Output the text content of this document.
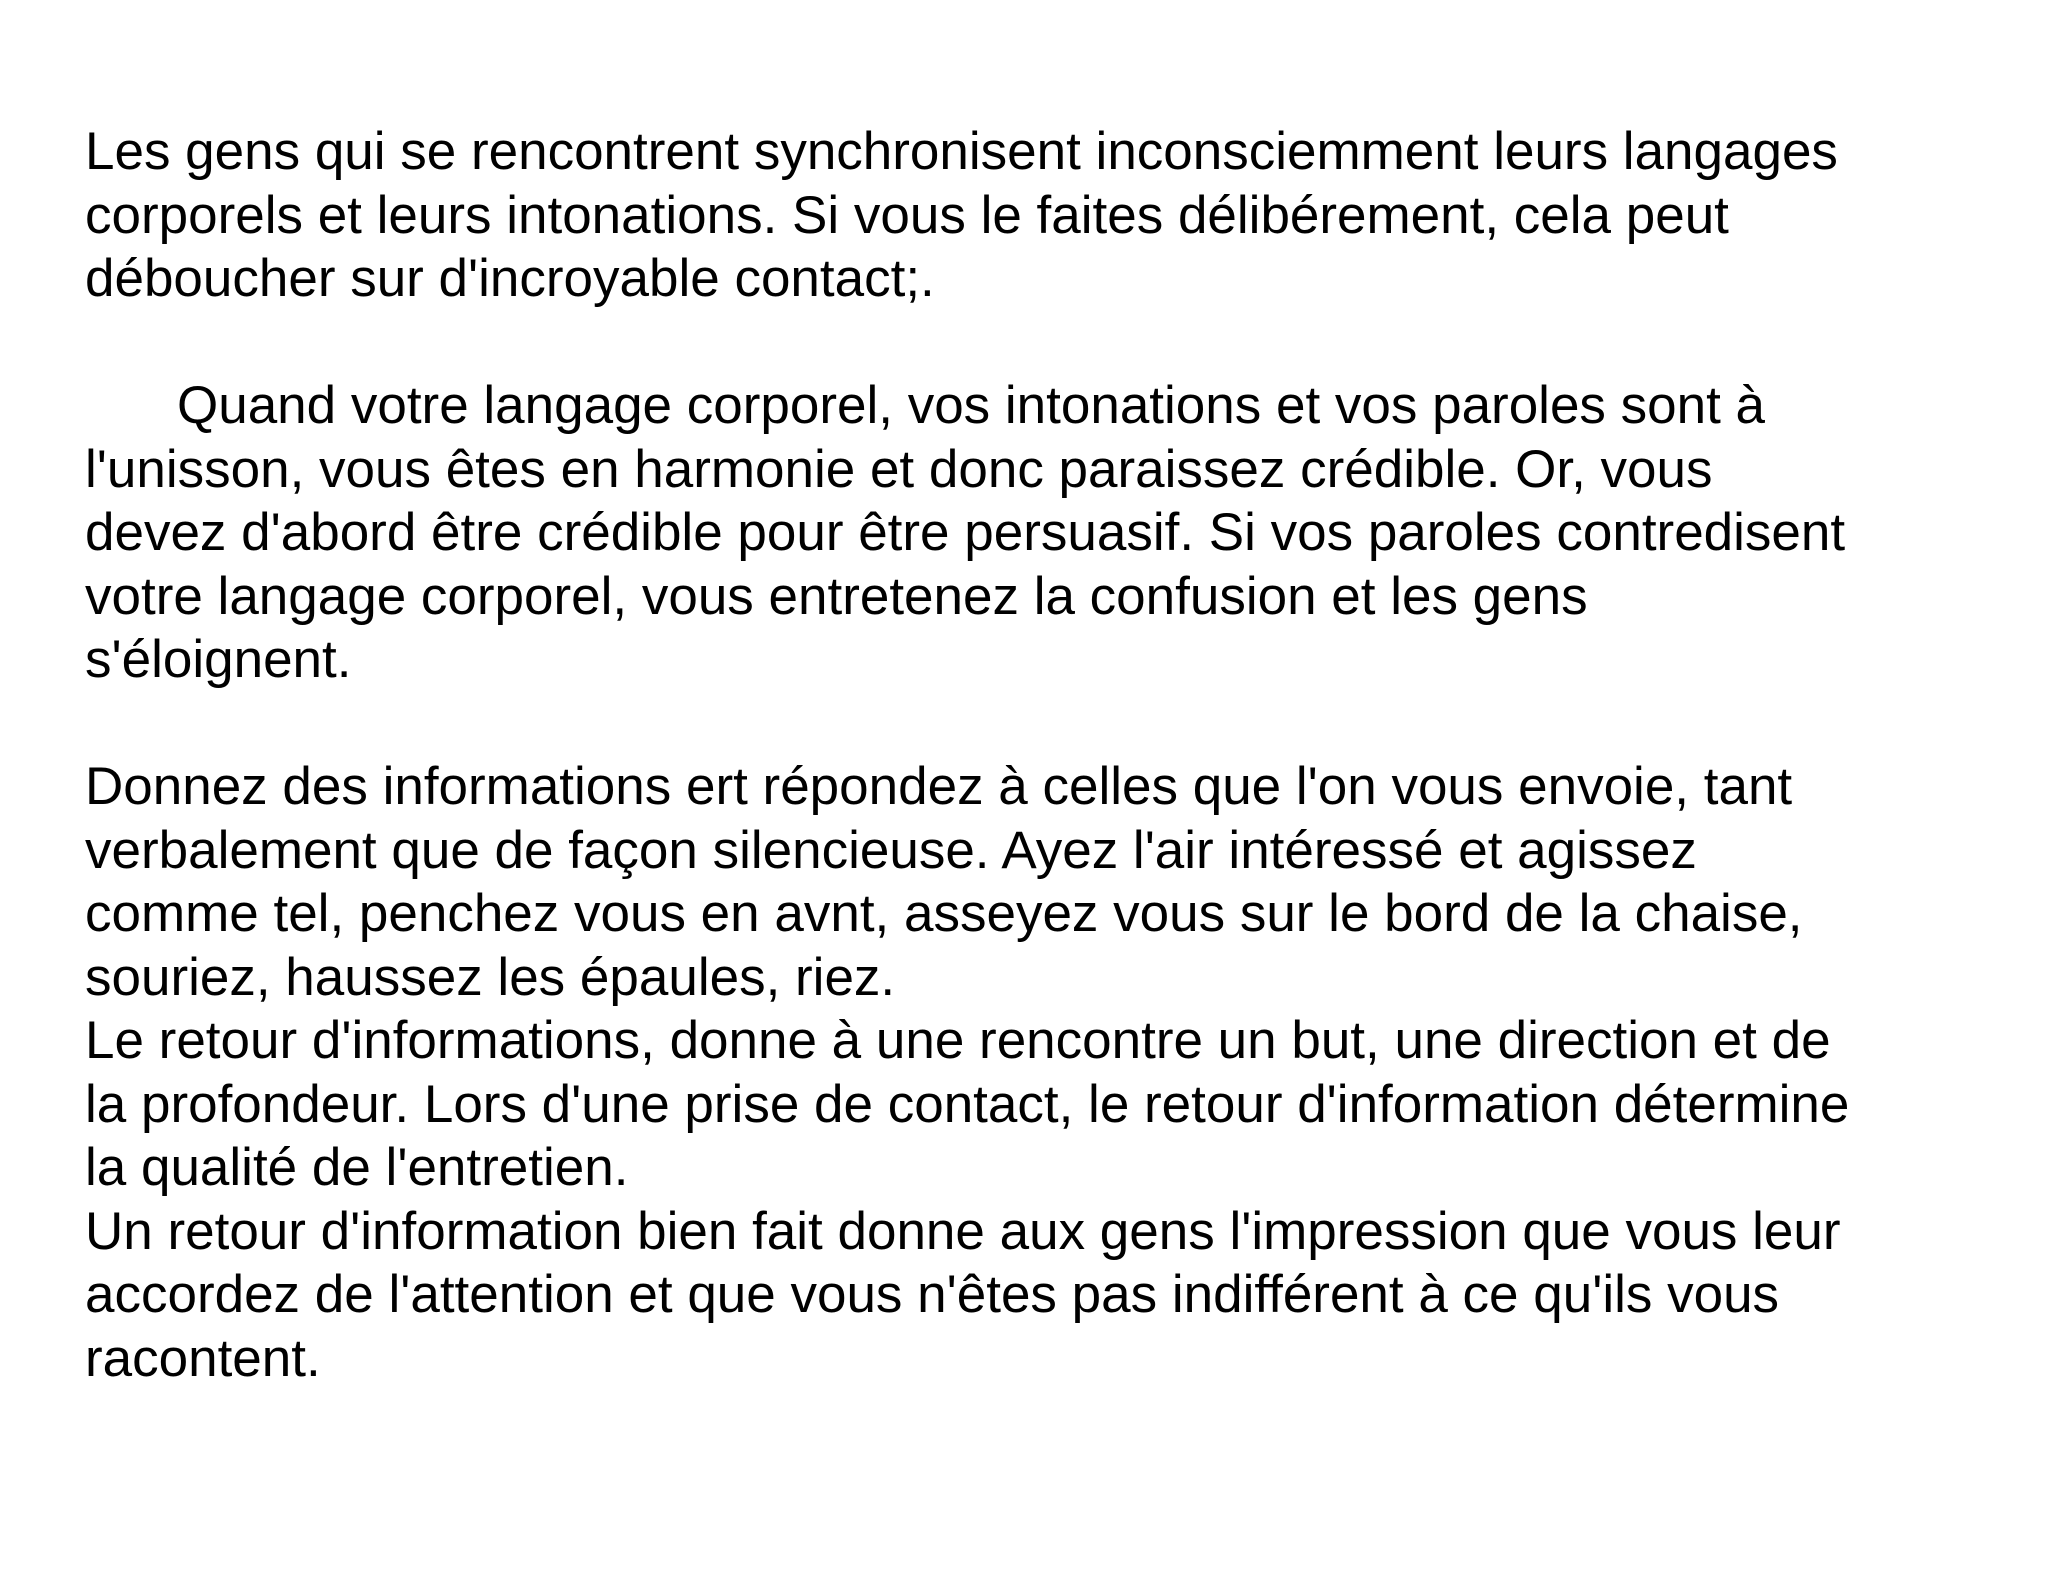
Les gens qui se rencontrent synchronisent inconsciemment leurs langages
corporels et leurs intonations. Si vous le faites délibérement, cela peut
déboucher sur d'incroyable contact;.
Quand votre langage corporel, vos intonations et vos paroles sont à
l'unisson, vous êtes en harmonie et donc paraissez crédible. Or, vous
devez d'abord être crédible pour être persuasif. Si vos paroles contredisent
votre langage corporel, vous entretenez la confusion et les gens
s'éloignent.
Donnez des informations ert répondez à celles que l'on vous envoie, tant
verbalement que de façon silencieuse. Ayez l'air intéressé et agissez
comme tel, penchez vous en avnt, asseyez vous sur le bord de la chaise,
souriez, haussez les épaules, riez.
Le retour d'informations, donne à une rencontre un but, une direction et de
la profondeur. Lors d'une prise de contact, le retour d'information détermine
la qualité de l'entretien.
Un retour d'information bien fait donne aux gens l'impression que vous leur
accordez de l'attention et que vous n'êtes pas indifférent à ce qu'ils vous
racontent.
